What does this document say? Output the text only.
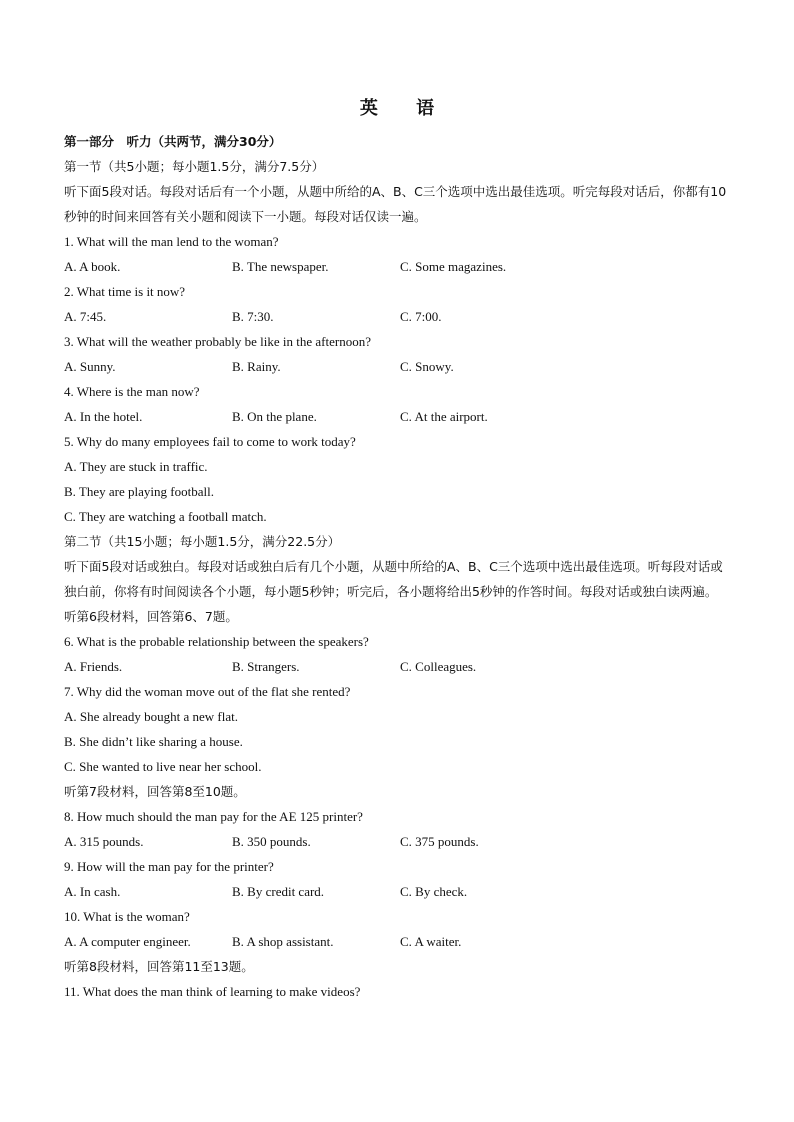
英 语
第一部分　听力（共两节，满分30分）
第一节（共5小题；每小题1.5分，满分7.5分）
听下面5段对话。每段对话后有一个小题，从题中所给的A、B、C三个选项中选出最佳选项。听完每段对话后，你都有10秒钟的时间来回答有关小题和阅读下一小题。每段对话仅读一遍。
1. What will the man lend to the woman?
A. A book.	B. The newspaper.	C. Some magazines.
2. What time is it now?
A. 7:45.	B. 7:30.	C. 7:00.
3. What will the weather probably be like in the afternoon?
A. Sunny.	B. Rainy.	C. Snowy.
4. Where is the man now?
A. In the hotel.	B. On the plane.	C. At the airport.
5. Why do many employees fail to come to work today?
A. They are stuck in traffic.
B. They are playing football.
C. They are watching a football match.
第二节（共15小题；每小题1.5分，满分22.5分）
听下面5段对话或独白。每段对话或独白后有几个小题，从题中所给的A、B、C三个选项中选出最佳选项。听每段对话或独白前，你将有时间阅读各个小题，每小题5秒钟；听完后，各小题将给出5秒钟的作答时间。每段对话或独白读两遍。
听第6段材料，回答第6、7题。
6. What is the probable relationship between the speakers?
A. Friends.	B. Strangers.	C. Colleagues.
7. Why did the woman move out of the flat she rented?
A. She already bought a new flat.
B. She didn’t like sharing a house.
C. She wanted to live near her school.
听第7段材料，回答第8至10题。
8. How much should the man pay for the AE 125 printer?
A. 315 pounds.	B. 350 pounds.	C. 375 pounds.
9. How will the man pay for the printer?
A. In cash.	B. By credit card.	C. By check.
10. What is the woman?
A. A computer engineer.	B. A shop assistant.	C. A waiter.
听第8段材料，回答第11至13题。
11. What does the man think of learning to make videos?
